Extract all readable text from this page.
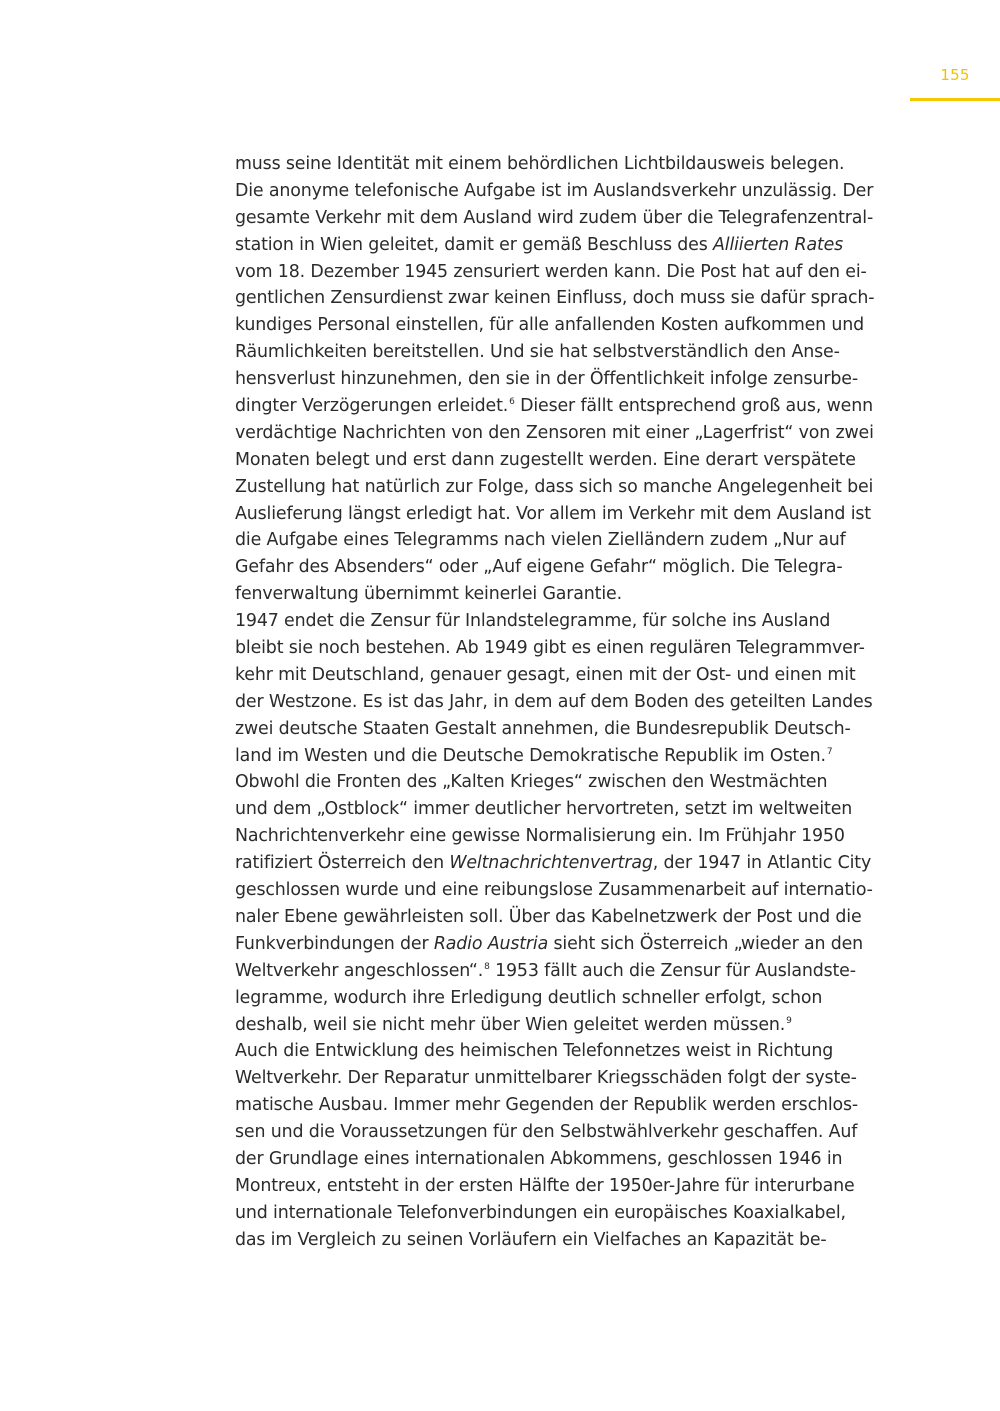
155
muss seine Identität mit einem behördlichen Lichtbildausweis belegen.
Die anonyme telefonische Aufgabe ist im Auslandsverkehr unzulässig. Der
gesamte Verkehr mit dem Ausland wird zudem über die Telegrafenzentral-
station in Wien geleitet, damit er gemäß Beschluss des Alliierten Rates
vom 18. Dezember 1945 zensuriert werden kann. Die Post hat auf den ei-
gentlichen Zensurdienst zwar keinen Einfluss, doch muss sie dafür sprach-
kundiges Personal einstellen, für alle anfallenden Kosten aufkommen und
Räumlichkeiten bereitstellen. Und sie hat selbstverständlich den Anse-
hensverlust hinzunehmen, den sie in der Öffentlichkeit infolge zensurbe-
dingter Verzögerungen erleidet.$^6$ Dieser fällt entsprechend groß aus, wenn
verdächtige Nachrichten von den Zensoren mit einer „Lagerfrist“ von zwei
Monaten belegt und erst dann zugestellt werden. Eine derart verspätete
Zustellung hat natürlich zur Folge, dass sich so manche Angelegenheit bei
Auslieferung längst erledigt hat. Vor allem im Verkehr mit dem Ausland ist
die Aufgabe eines Telegramms nach vielen Zielländern zudem „Nur auf
Gefahr des Absenders“ oder „Auf eigene Gefahr“ möglich. Die Telegra-
fenverwaltung übernimmt keinerlei Garantie.
1947 endet die Zensur für Inlandstelegramme, für solche ins Ausland
bleibt sie noch bestehen. Ab 1949 gibt es einen regulären Telegrammver-
kehr mit Deutschland, genauer gesagt, einen mit der Ost- und einen mit
der Westzone. Es ist das Jahr, in dem auf dem Boden des geteilten Landes
zwei deutsche Staaten Gestalt annehmen, die Bundesrepublik Deutsch-
land im Westen und die Deutsche Demokratische Republik im Osten.$^7$
Obwohl die Fronten des „Kalten Krieges“ zwischen den Westmächten
und dem „Ostblock“ immer deutlicher hervortreten, setzt im weltweiten
Nachrichtenverkehr eine gewisse Normalisierung ein. Im Frühjahr 1950
ratifiziert Österreich den Weltnachrichtenvertrag, der 1947 in Atlantic City
geschlossen wurde und eine reibungslose Zusammenarbeit auf internatio-
naler Ebene gewährleisten soll. Über das Kabelnetzwerk der Post und die
Funkverbindungen der Radio Austria sieht sich Österreich „wieder an den
Weltverkehr angeschlossen“.$^8$ 1953 fällt auch die Zensur für Auslandste-
legramme, wodurch ihre Erledigung deutlich schneller erfolgt, schon
deshalb, weil sie nicht mehr über Wien geleitet werden müssen.$^9$
Auch die Entwicklung des heimischen Telefonnetzes weist in Richtung
Weltverkehr. Der Reparatur unmittelbarer Kriegsschäden folgt der syste-
matische Ausbau. Immer mehr Gegenden der Republik werden erschlos-
sen und die Voraussetzungen für den Selbstwählverkehr geschaffen. Auf
der Grundlage eines internationalen Abkommens, geschlossen 1946 in
Montreux, entsteht in der ersten Hälfte der 1950er-Jahre für interurbane
und internationale Telefonverbindungen ein europäisches Koaxialkabel,
das im Vergleich zu seinen Vorläufern ein Vielfaches an Kapazität be-
